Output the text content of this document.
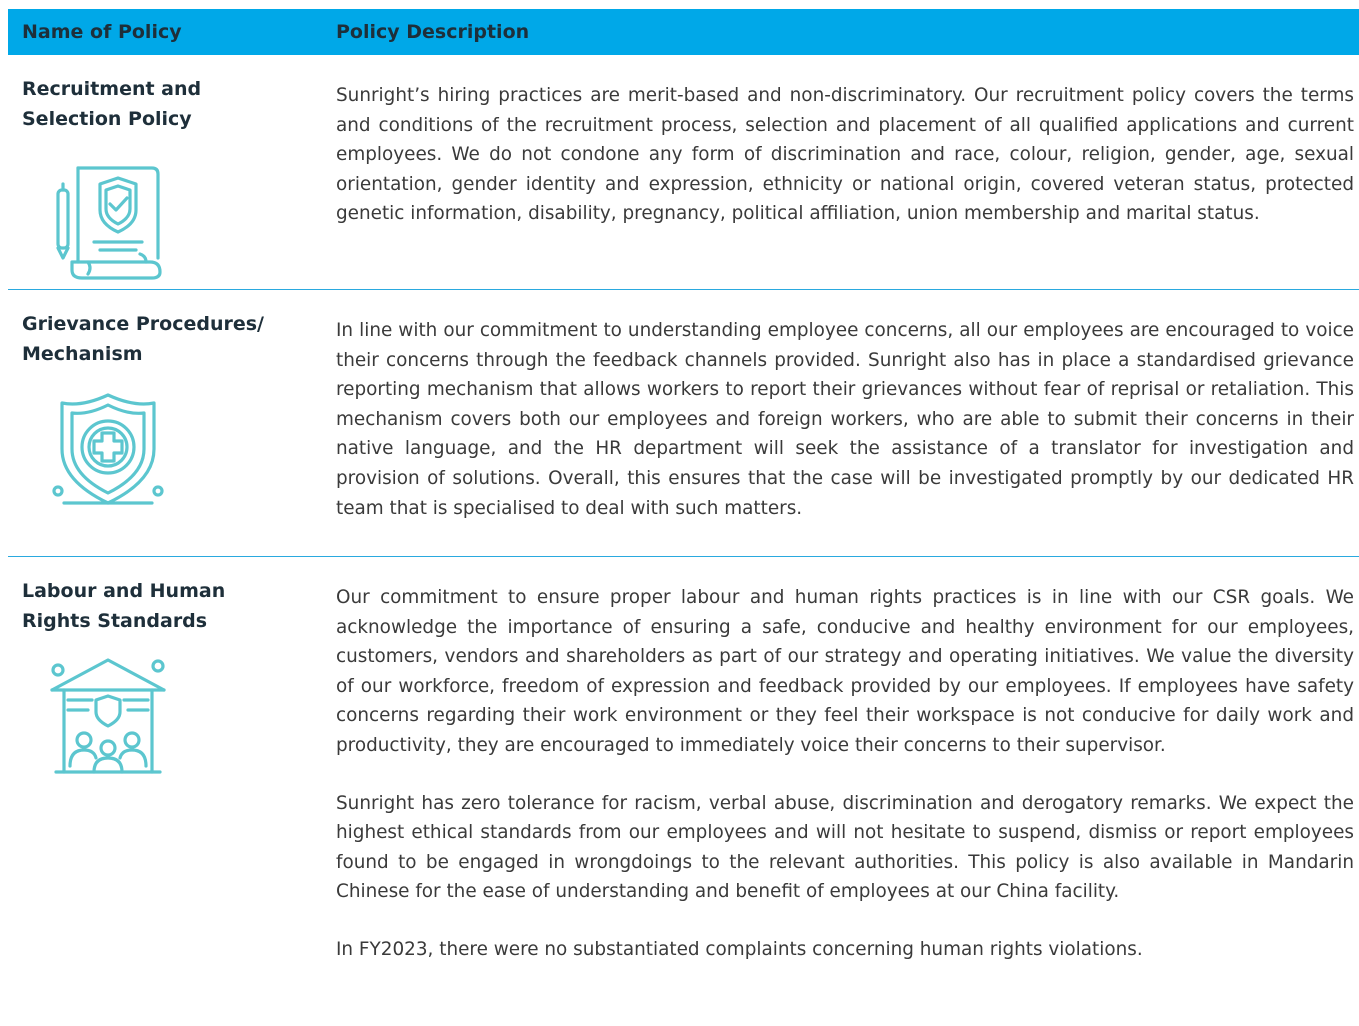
Name of Policy	Policy Description
Recruitment and
Selection Policy

Sunright’s hiring practices are merit-based and non-discriminatory. Our recruitment policy covers the terms and conditions of the recruitment process, selection and placement of all qualified applications and current employees. We do not condone any form of discrimination and race, colour, religion, gender, age, sexual orientation, gender identity and expression, ethnicity or national origin, covered veteran status, protected genetic information, disability, pregnancy, political affiliation, union membership and marital status.

Grievance Procedures/
Mechanism

In line with our commitment to understanding employee concerns, all our employees are encouraged to voice their concerns through the feedback channels provided. Sunright also has in place a standardised grievance reporting mechanism that allows workers to report their grievances without fear of reprisal or retaliation. This mechanism covers both our employees and foreign workers, who are able to submit their concerns in their native language, and the HR department will seek the assistance of a translator for investigation and provision of solutions. Overall, this ensures that the case will be investigated promptly by our dedicated HR team that is specialised to deal with such matters.

Labour and Human
Rights Standards

Our commitment to ensure proper labour and human rights practices is in line with our CSR goals. We acknowledge the importance of ensuring a safe, conducive and healthy environment for our employees, customers, vendors and shareholders as part of our strategy and operating initiatives. We value the diversity of our workforce, freedom of expression and feedback provided by our employees. If employees have safety concerns regarding their work environment or they feel their workspace is not conducive for daily work and productivity, they are encouraged to immediately voice their concerns to their supervisor.

Sunright has zero tolerance for racism, verbal abuse, discrimination and derogatory remarks. We expect the highest ethical standards from our employees and will not hesitate to suspend, dismiss or report employees found to be engaged in wrongdoings to the relevant authorities. This policy is also available in Mandarin Chinese for the ease of understanding and benefit of employees at our China facility.

In FY2023, there were no substantiated complaints concerning human rights violations.
